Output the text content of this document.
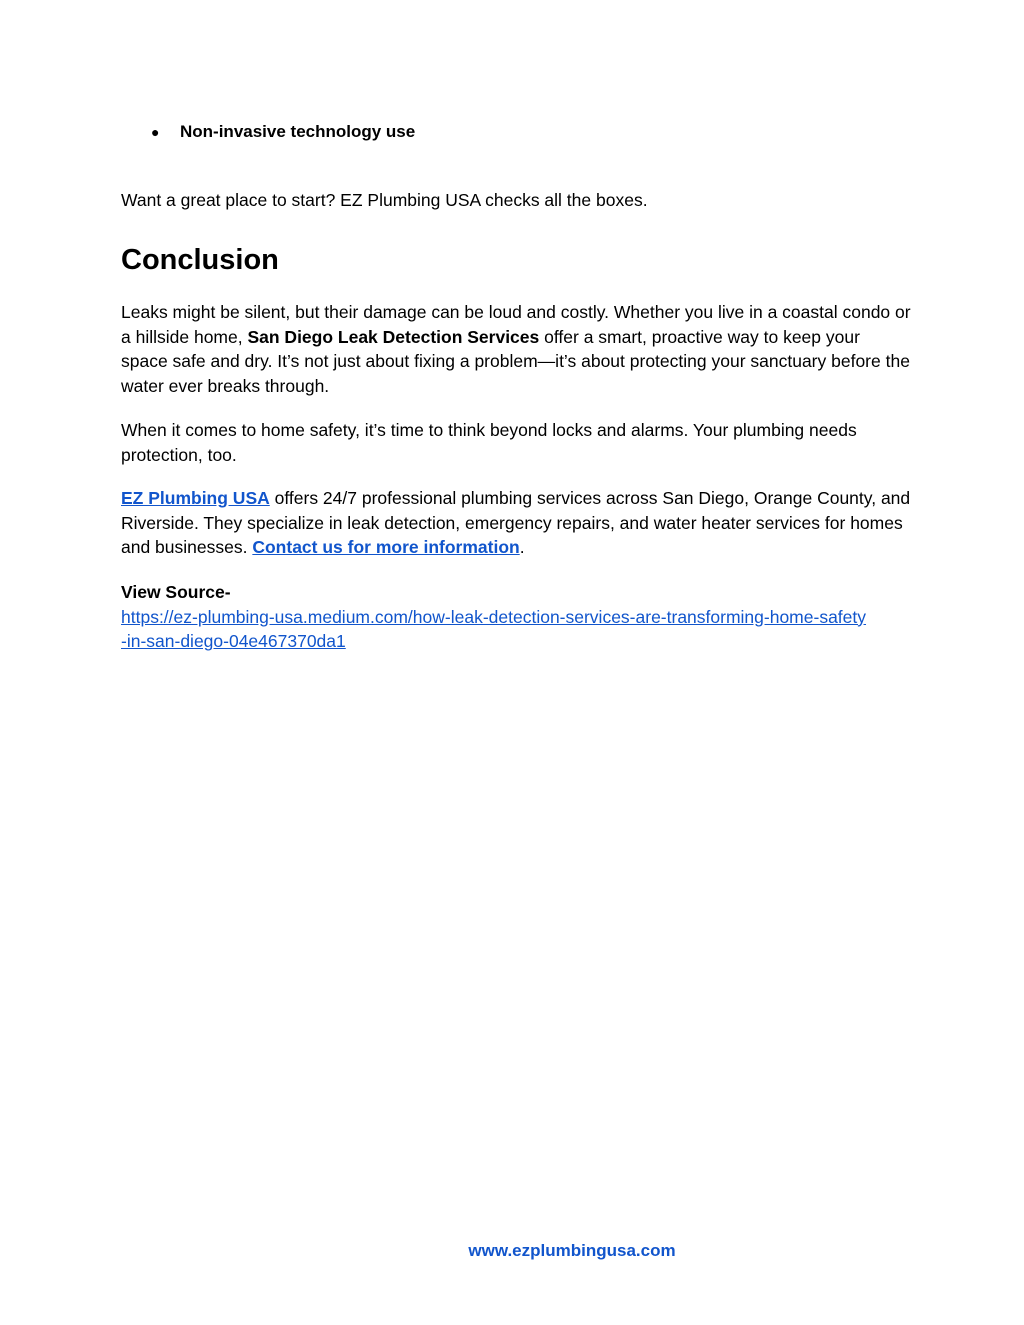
● Non-invasive technology use
Want a great place to start? EZ Plumbing USA checks all the boxes.
Conclusion

Leaks might be silent, but their damage can be loud and costly. Whether you live in a coastal condo or a hillside home, San Diego Leak Detection Services offer a smart, proactive way to keep your space safe and dry. It’s not just about fixing a problem—it’s about protecting your sanctuary before the water ever breaks through.

When it comes to home safety, it’s time to think beyond locks and alarms. Your plumbing needs protection, too.

EZ Plumbing USA offers 24/7 professional plumbing services across San Diego, Orange County, and Riverside. They specialize in leak detection, emergency repairs, and water heater services for homes and businesses. Contact us for more information.

View Source-
https://ez-plumbing-usa.medium.com/how-leak-detection-services-are-transforming-home-safety
-in-san-diego-04e467370da1
www.ezplumbingusa.com
